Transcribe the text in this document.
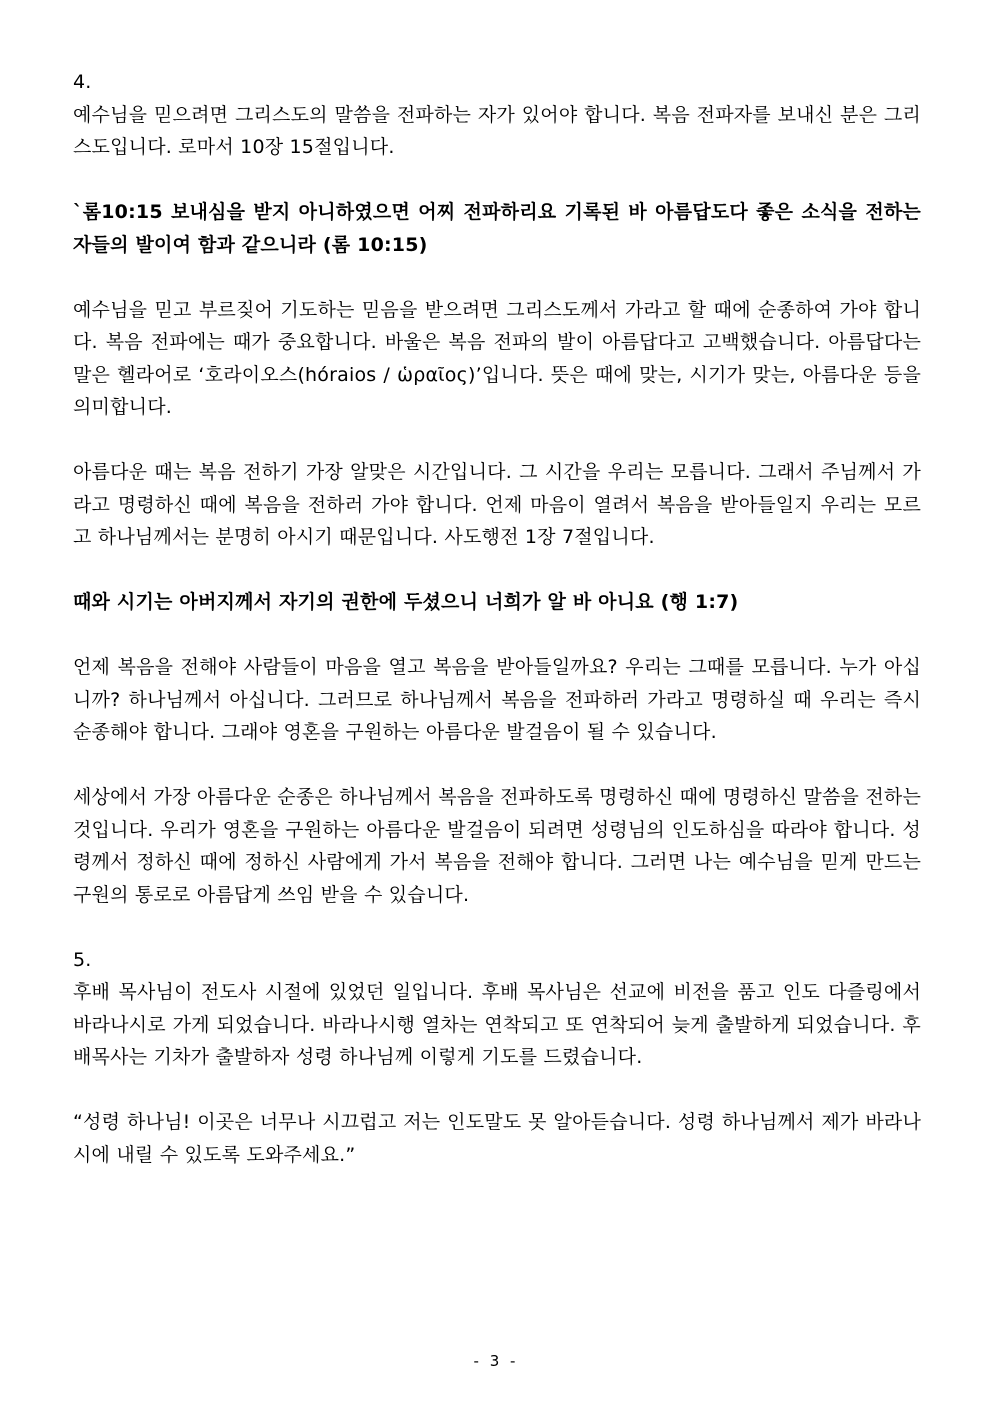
4.

예수님을 믿으려면 그리스도의 말씀을 전파하는 자가 있어야 합니다. 복음 전파자를 보내신 분은 그리스도입니다. 로마서 10장 15절입니다.

`롬10:15 보내심을 받지 아니하였으면 어찌 전파하리요 기록된 바 아름답도다 좋은 소식을 전하는 자들의 발이여 함과 같으니라 (롬 10:15)

예수님을 믿고 부르짖어 기도하는 믿음을 받으려면 그리스도께서 가라고 할 때에 순종하여 가야 합니다. 복음 전파에는 때가 중요합니다. 바울은 복음 전파의 발이 아름답다고 고백했습니다. 아름답다는 말은 헬라어로 ‘호라이오스(hóraios / ὡραῖος)’입니다. 뜻은 때에 맞는, 시기가 맞는, 아름다운 등을 의미합니다.

아름다운 때는 복음 전하기 가장 알맞은 시간입니다. 그 시간을 우리는 모릅니다. 그래서 주님께서 가라고 명령하신 때에 복음을 전하러 가야 합니다. 언제 마음이 열려서 복음을 받아들일지 우리는 모르고 하나님께서는 분명히 아시기 때문입니다. 사도행전 1장 7절입니다.

때와 시기는 아버지께서 자기의 권한에 두셨으니 너희가 알 바 아니요 (행 1:7)

언제 복음을 전해야 사람들이 마음을 열고 복음을 받아들일까요? 우리는 그때를 모릅니다. 누가 아십니까? 하나님께서 아십니다. 그러므로 하나님께서 복음을 전파하러 가라고 명령하실 때 우리는 즉시 순종해야 합니다. 그래야 영혼을 구원하는 아름다운 발걸음이 될 수 있습니다.

세상에서 가장 아름다운 순종은 하나님께서 복음을 전파하도록 명령하신 때에 명령하신 말씀을 전하는 것입니다. 우리가 영혼을 구원하는 아름다운 발걸음이 되려면 성령님의 인도하심을 따라야 합니다. 성령께서 정하신 때에 정하신 사람에게 가서 복음을 전해야 합니다. 그러면 나는 예수님을 믿게 만드는 구원의 통로로 아름답게 쓰임 받을 수 있습니다.

5.

후배 목사님이 전도사 시절에 있었던 일입니다. 후배 목사님은 선교에 비전을 품고 인도 다즐링에서 바라나시로 가게 되었습니다. 바라나시행 열차는 연착되고 또 연착되어 늦게 출발하게 되었습니다. 후배목사는 기차가 출발하자 성령 하나님께 이렇게 기도를 드렸습니다.

“성령 하나님! 이곳은 너무나 시끄럽고 저는 인도말도 못 알아듣습니다. 성령 하나님께서 제가 바라나시에 내릴 수 있도록 도와주세요.”

- 3 -
